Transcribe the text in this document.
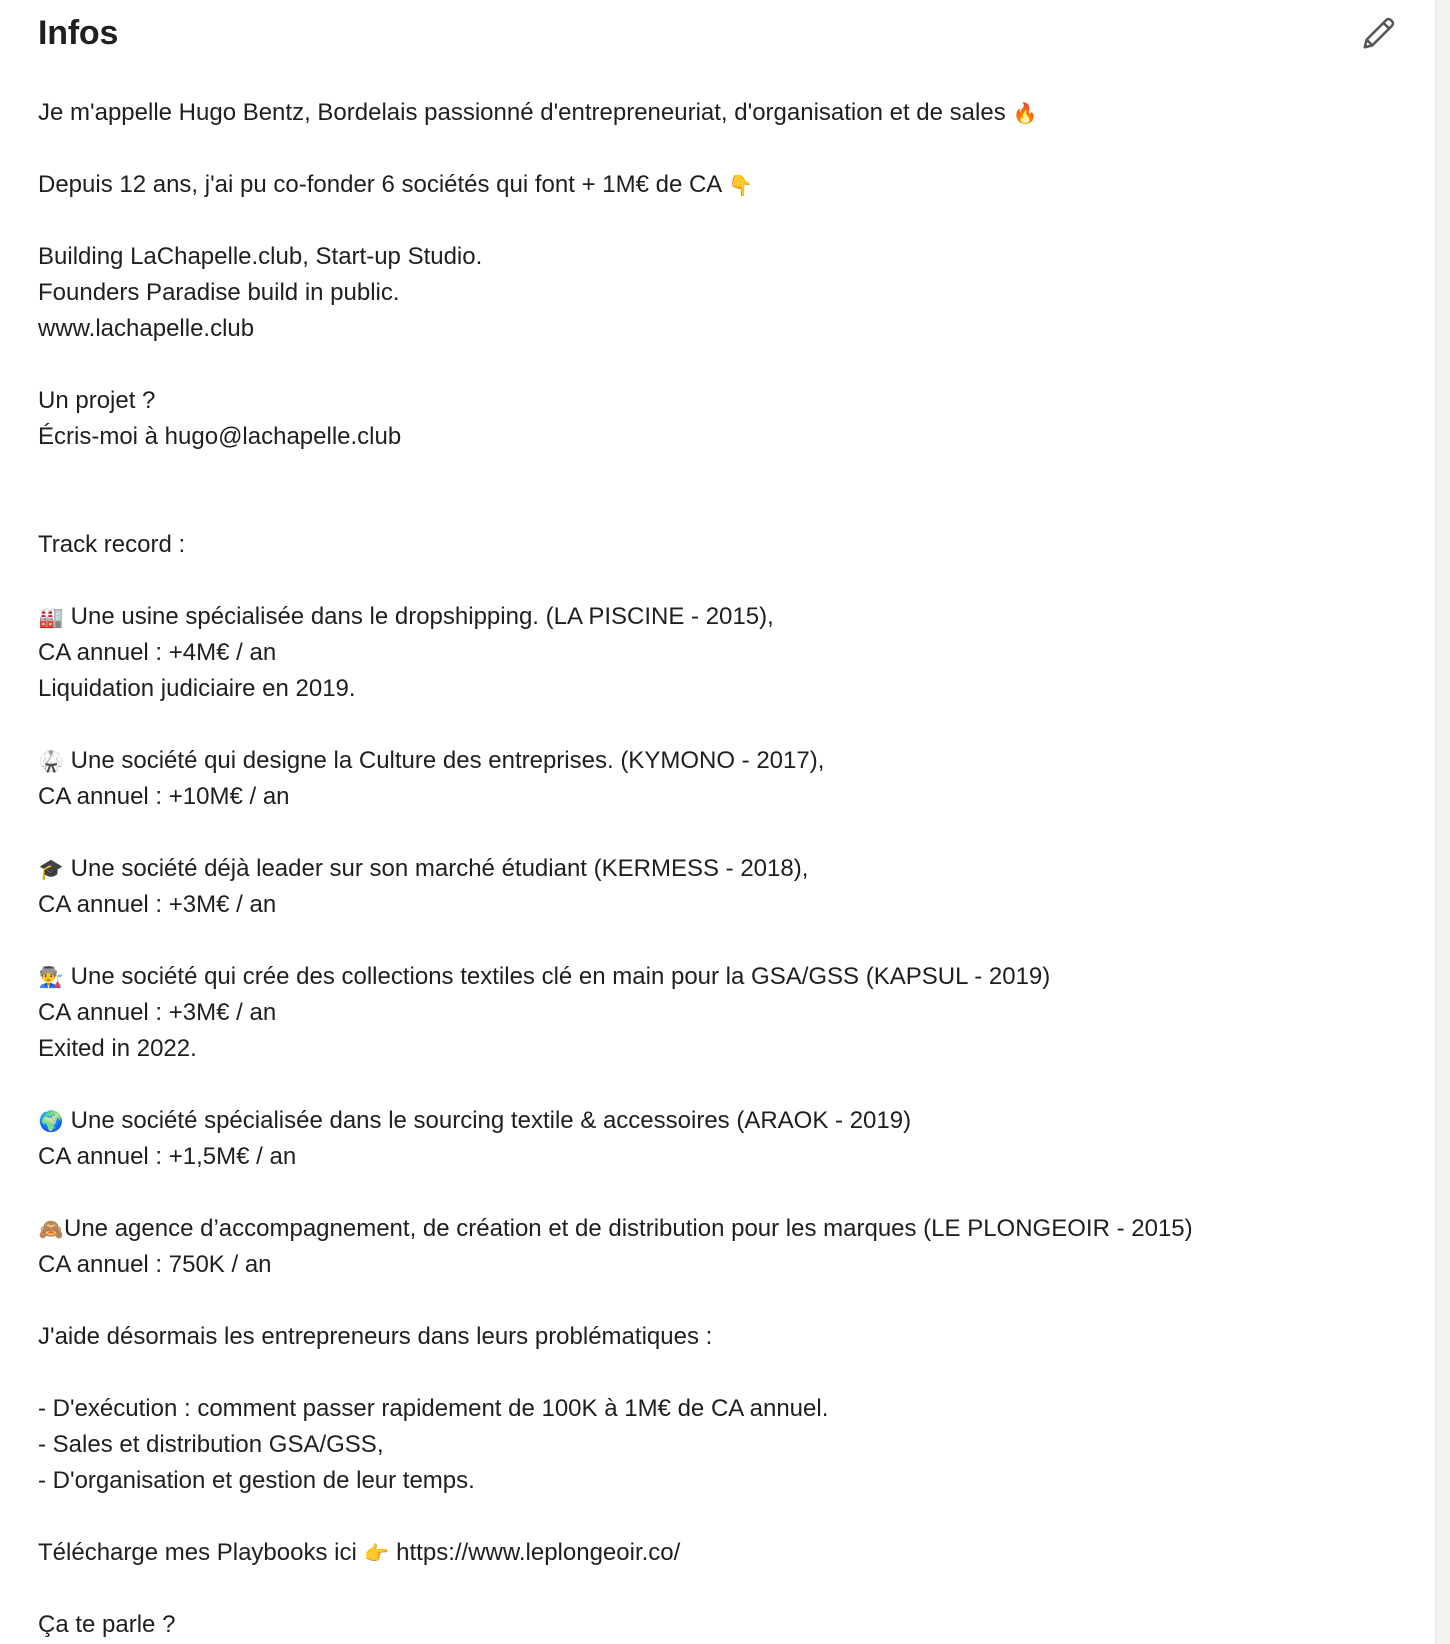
Infos
Je m'appelle Hugo Bentz, Bordelais passionné d'entrepreneuriat, d'organisation et de sales 🔥
Depuis 12 ans, j'ai pu co-fonder 6 sociétés qui font + 1M€ de CA 👇
Building LaChapelle.club, Start-up Studio.
Founders Paradise build in public.
www.lachapelle.club
Un projet ?
Écris-moi à hugo@lachapelle.club
Track record :
🏭 Une usine spécialisée dans le dropshipping. (LA PISCINE - 2015),
CA annuel : +4M€ / an
Liquidation judiciaire en 2019.
🥋 Une société qui designe la Culture des entreprises. (KYMONO - 2017),
CA annuel : +10M€ / an
🎓 Une société déjà leader sur son marché étudiant (KERMESS - 2018),
CA annuel : +3M€ / an
👨‍🏭 Une société qui crée des collections textiles clé en main pour la GSA/GSS (KAPSUL - 2019)
CA annuel : +3M€ / an
Exited in 2022.
🌍 Une société spécialisée dans le sourcing textile & accessoires (ARAOK - 2019)
CA annuel : +1,5M€ / an
🙈Une agence d’accompagnement, de création et de distribution pour les marques (LE PLONGEOIR - 2015)
CA annuel : 750K / an
J'aide désormais les entrepreneurs dans leurs problématiques :
- D'exécution : comment passer rapidement de 100K à 1M€ de CA annuel.
- Sales et distribution GSA/GSS,
- D'organisation et gestion de leur temps.
Télécharge mes Playbooks ici 👉 https://www.leplongeoir.co/
Ça te parle ?
